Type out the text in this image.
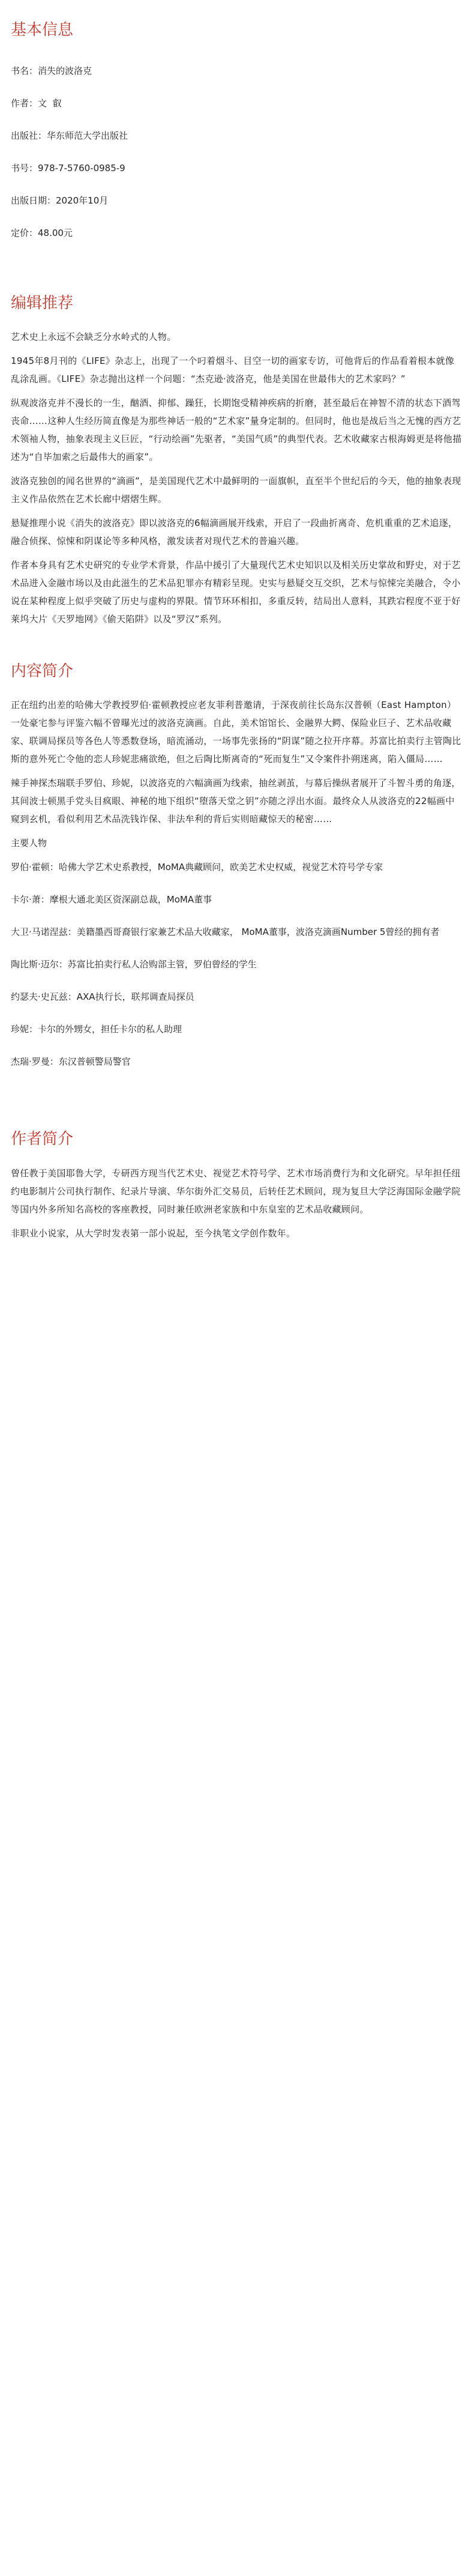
基本信息
书名：消失的波洛克
作者：文  叡
出版社：华东师范大学出版社
书号：978-7-5760-0985-9
出版日期：2020年10月
定价：48.00元
编辑推荐

艺术史上永远不会缺乏分水岭式的人物。

1945年8月刊的《LIFE》杂志上，出现了一个叼着烟斗、目空一切的画家专访，可他背后的作品看着根本就像乱涂乱画。《LIFE》杂志抛出这样一个问题：“杰克逊·波洛克，他是美国在世最伟大的艺术家吗？”

纵观波洛克并不漫长的一生，酗酒、抑郁、躁狂，长期饱受精神疾病的折磨，甚至最后在神智不清的状态下酒驾丧命……这种人生经历简直像是为那些神话一般的“艺术家”量身定制的。但同时，他也是战后当之无愧的西方艺术领袖人物，抽象表现主义巨匠，“行动绘画”先驱者，“美国气质”的典型代表。艺术收藏家古根海姆更是将他描述为“自毕加索之后最伟大的画家”。

波洛克独创的闻名世界的“滴画”，是美国现代艺术中最鲜明的一面旗帜，直至半个世纪后的今天，他的抽象表现主义作品依然在艺术长廊中熠熠生辉。

悬疑推理小说《消失的波洛克》即以波洛克的6幅滴画展开线索，开启了一段曲折离奇、危机重重的艺术追逐，融合侦探、惊悚和阴谋论等多种风格，激发读者对现代艺术的普遍兴趣。

作者本身具有艺术史研究的专业学术背景，作品中援引了大量现代艺术史知识以及相关历史掌故和野史，对于艺术品进入金融市场以及由此滋生的艺术品犯罪亦有精彩呈现。史实与悬疑交互交织，艺术与惊悚完美融合，令小说在某种程度上似乎突破了历史与虚构的界限。情节环环相扣，多重反转，结局出人意料，其跌宕程度不亚于好莱坞大片《天罗地网》《偷天陷阱》以及“罗汉”系列。

内容简介

正在纽约出差的哈佛大学教授罗伯·霍顿教授应老友菲利普邀请，于深夜前往长岛东汉普顿（East Hampton）一处豪宅参与评鉴六幅不曾曝光过的波洛克滴画。自此，美术馆馆长、金融界大鳄、保险业巨子、艺术品收藏家、联调局探员等各色人等悉数登场，暗流涌动，一场事先张扬的“阴谋”随之拉开序幕。苏富比拍卖行主管陶比斯的意外死亡令他的恋人珍妮悲痛欲绝，但之后陶比斯离奇的“死而复生”又令案件扑朔迷离，陷入僵局……

辣手神探杰瑞联手罗伯、珍妮，以波洛克的六幅滴画为线索，抽丝剥茧，与幕后操纵者展开了斗智斗勇的角逐，其间波士顿黑手党头目疯眼、神秘的地下组织“堕落天堂之钥”亦随之浮出水面。最终众人从波洛克的22幅画中窥到玄机，看似利用艺术品洗钱诈保、非法牟利的背后实则暗藏惊天的秘密……

主要人物
罗伯·霍顿：哈佛大学艺术史系教授，MoMA典藏顾问，欧美艺术史权威，视觉艺术符号学专家
卡尔·萧：摩根大通北美区资深副总裁，MoMA董事
大卫·马诺涅兹：美籍墨西哥裔银行家兼艺术品大收藏家， MoMA董事，波洛克滴画Number 5曾经的拥有者
陶比斯·迈尔：苏富比拍卖行私人洽购部主管，罗伯曾经的学生
约瑟夫·史瓦兹：AXA执行长，联邦调查局探员
珍妮：卡尔的外甥女，担任卡尔的私人助理
杰瑞·罗曼：东汉普顿警局警官
作者简介

曾任教于美国耶鲁大学，专研西方现当代艺术史、视觉艺术符号学、艺术市场消费行为和文化研究。早年担任纽约电影制片公司执行制作、纪录片导演、华尔街外汇交易员，后转任艺术顾问，现为复旦大学泛海国际金融学院等国内外多所知名高校的客座教授，同时兼任欧洲老家族和中东皇室的艺术品收藏顾问。

非职业小说家，从大学时发表第一部小说起，至今执笔文学创作数年。
